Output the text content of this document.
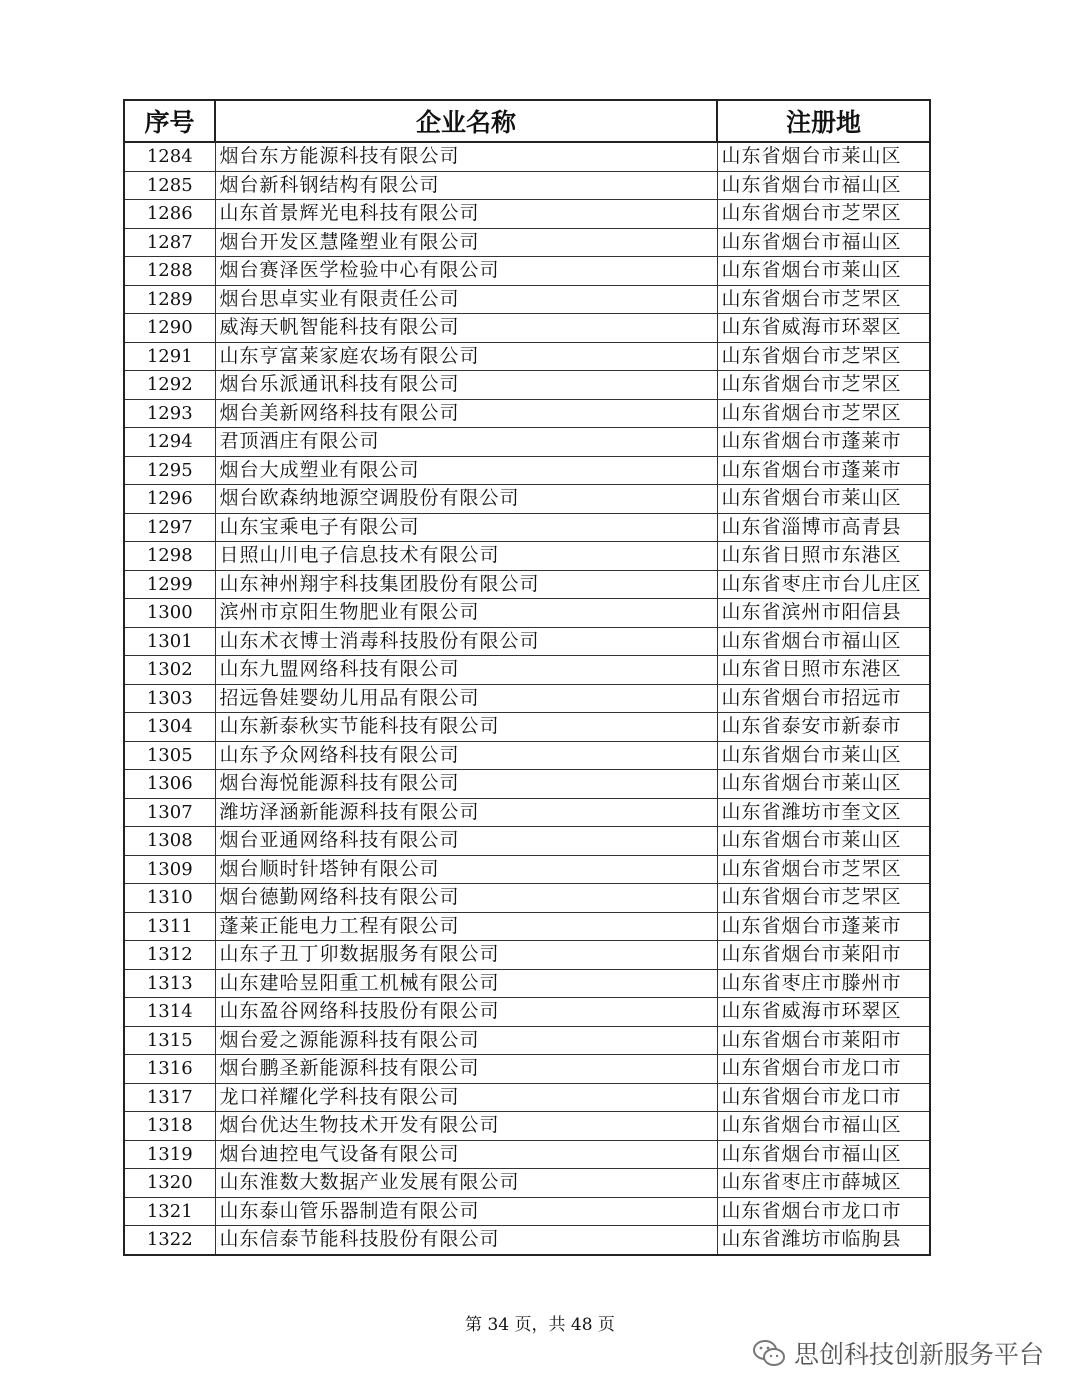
序号	企业名称	注册地
1284	烟台东方能源科技有限公司	山东省烟台市莱山区
1285	烟台新科钢结构有限公司	山东省烟台市福山区
1286	山东首景辉光电科技有限公司	山东省烟台市芝罘区
1287	烟台开发区慧隆塑业有限公司	山东省烟台市福山区
1288	烟台赛泽医学检验中心有限公司	山东省烟台市莱山区
1289	烟台思卓实业有限责任公司	山东省烟台市芝罘区
1290	威海天帆智能科技有限公司	山东省威海市环翠区
1291	山东亨富莱家庭农场有限公司	山东省烟台市芝罘区
1292	烟台乐派通讯科技有限公司	山东省烟台市芝罘区
1293	烟台美新网络科技有限公司	山东省烟台市芝罘区
1294	君顶酒庄有限公司	山东省烟台市蓬莱市
1295	烟台大成塑业有限公司	山东省烟台市蓬莱市
1296	烟台欧森纳地源空调股份有限公司	山东省烟台市莱山区
1297	山东宝乘电子有限公司	山东省淄博市高青县
1298	日照山川电子信息技术有限公司	山东省日照市东港区
1299	山东神州翔宇科技集团股份有限公司	山东省枣庄市台儿庄区
1300	滨州市京阳生物肥业有限公司	山东省滨州市阳信县
1301	山东术衣博士消毒科技股份有限公司	山东省烟台市福山区
1302	山东九盟网络科技有限公司	山东省日照市东港区
1303	招远鲁娃婴幼儿用品有限公司	山东省烟台市招远市
1304	山东新泰秋实节能科技有限公司	山东省泰安市新泰市
1305	山东予众网络科技有限公司	山东省烟台市莱山区
1306	烟台海悦能源科技有限公司	山东省烟台市莱山区
1307	潍坊泽涵新能源科技有限公司	山东省潍坊市奎文区
1308	烟台亚通网络科技有限公司	山东省烟台市莱山区
1309	烟台顺时针塔钟有限公司	山东省烟台市芝罘区
1310	烟台德勤网络科技有限公司	山东省烟台市芝罘区
1311	蓬莱正能电力工程有限公司	山东省烟台市蓬莱市
1312	山东子丑丁卯数据服务有限公司	山东省烟台市莱阳市
1313	山东建哈昱阳重工机械有限公司	山东省枣庄市滕州市
1314	山东盈谷网络科技股份有限公司	山东省威海市环翠区
1315	烟台爱之源能源科技有限公司	山东省烟台市莱阳市
1316	烟台鹏圣新能源科技有限公司	山东省烟台市龙口市
1317	龙口祥耀化学科技有限公司	山东省烟台市龙口市
1318	烟台优达生物技术开发有限公司	山东省烟台市福山区
1319	烟台迪控电气设备有限公司	山东省烟台市福山区
1320	山东淮数大数据产业发展有限公司	山东省枣庄市薛城区
1321	山东泰山管乐器制造有限公司	山东省烟台市龙口市
1322	山东信泰节能科技股份有限公司	山东省潍坊市临朐县
第 34 页，共 48 页
思创科技创新服务平台
